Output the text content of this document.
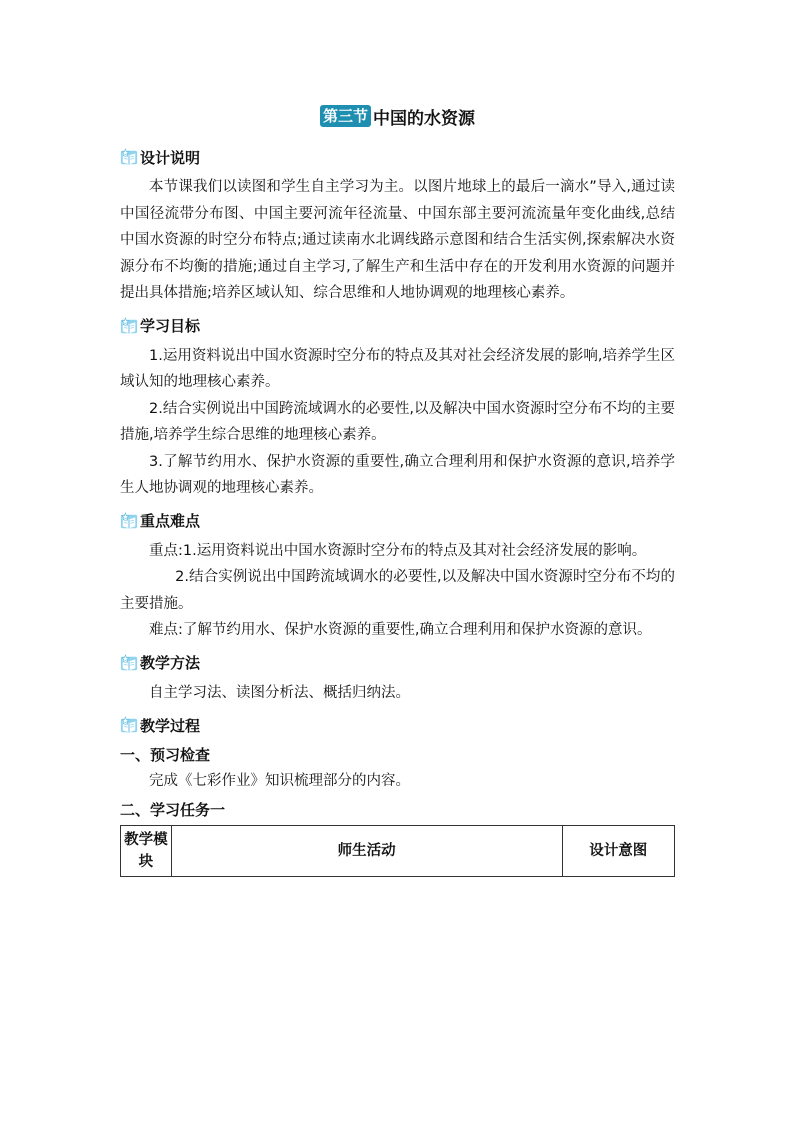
第三节 中国的水资源
设计说明

本节课我们以读图和学生自主学习为主。以图片地球上的最后一滴水”导入,通过读中国径流带分布图、中国主要河流年径流量、中国东部主要河流流量年变化曲线,总结中国水资源的时空分布特点;通过读南水北调线路示意图和结合生活实例,探索解决水资源分布不均衡的措施;通过自主学习,了解生产和生活中存在的开发利用水资源的问题并提出具体措施;培养区域认知、综合思维和人地协调观的地理核心素养。

学习目标

1.运用资料说出中国水资源时空分布的特点及其对社会经济发展的影响,培养学生区域认知的地理核心素养。

2.结合实例说出中国跨流域调水的必要性,以及解决中国水资源时空分布不均的主要措施,培养学生综合思维的地理核心素养。

3.了解节约用水、保护水资源的重要性,确立合理利用和保护水资源的意识,培养学生人地协调观的地理核心素养。

重点难点

重点:1.运用资料说出中国水资源时空分布的特点及其对社会经济发展的影响。

2.结合实例说出中国跨流域调水的必要性,以及解决中国水资源时空分布不均的主要措施。

难点:了解节约用水、保护水资源的重要性,确立合理利用和保护水资源的意识。

教学方法

自主学习法、读图分析法、概括归纳法。

教学过程
一、预习检查

完成《七彩作业》知识梳理部分的内容。

二、学习任务一
教学模块	师生活动	设计意图
